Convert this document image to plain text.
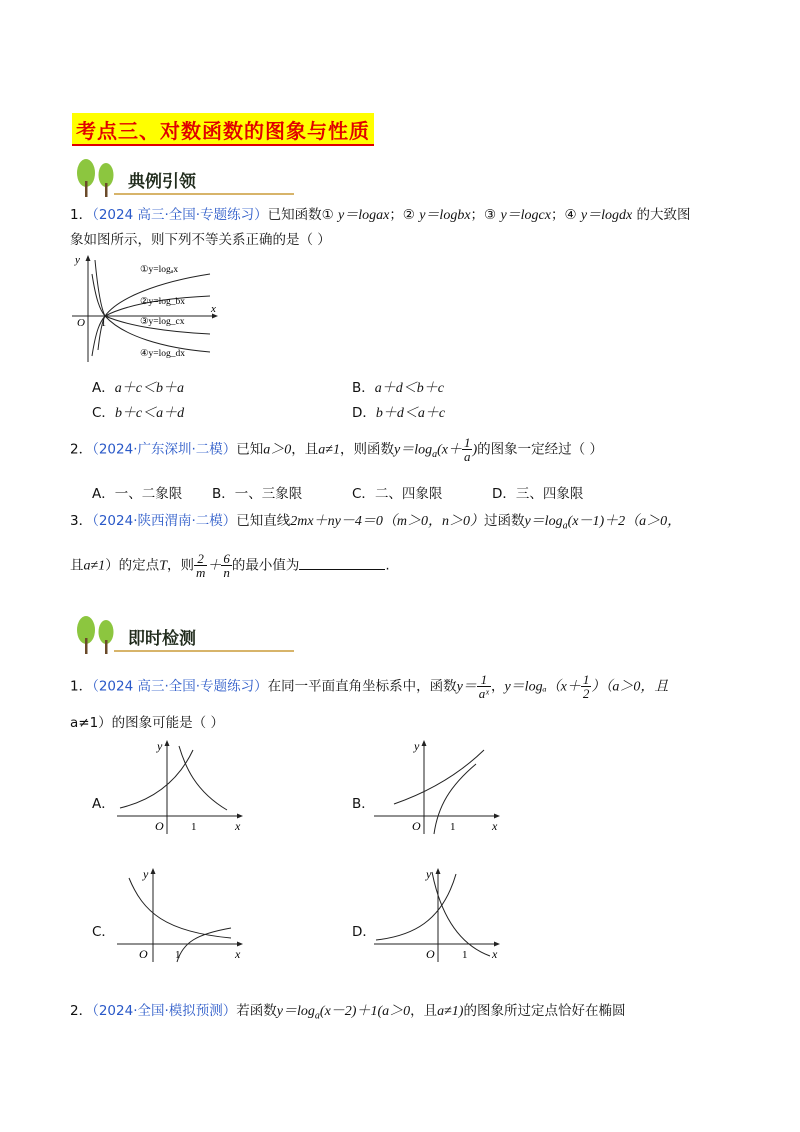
考点三、对数函数的图象与性质
典例引领
1．（2024 高三·全国·专题练习）已知函数① y＝logax；② y＝logbx；③ y＝logcx；④ y＝logdx 的大致图
象如图所示，则下列不等关系正确的是（ ）
y
x
O 1
①y=logₐx
②y=log_bx
③y=log_cx
④y=log_dx
A．a＋c＜b＋a	B．a＋d＜b＋c
C．b＋c＜a＋d	D．b＋d＜a＋c
2．（2024·广东深圳·二模）已知a＞0，且a≠1，则函数$y=\log_a(x+ \frac{1}{a}$ )的图象一定经过（ ）
A．一、二象限 B．一、三象限	C．二、四象限	D．三、四象限
3．（2024·陕西渭南·二模）已知直线2mx＋ny－4＝0（m＞0，n＞0）过函数$y=\log_a(x-1)+2(a>0$，
且a≠1）的定点T，则 $\frac{2}{m} + \frac{6}{n}$ 的最小值为	.
即时检测
1．（2024 高三·全国·专题练习）在同一平面直角坐标系中，函数$y= \frac{1}{\text{aˣ}}$ ，$y=\log_a(x+ \frac{1}{2} )(a>0$，且
a≠1）的图象可能是（ ）
A．	B．
C．	D．
y
x
O 1
y
x
O	1
y
x
O 1
y
x
O 1
2．（2024·全国·模拟预测）若函数$y=\log_a(x-2)+1(a>0$，且a≠1)的图象所过定点恰好在椭圆
